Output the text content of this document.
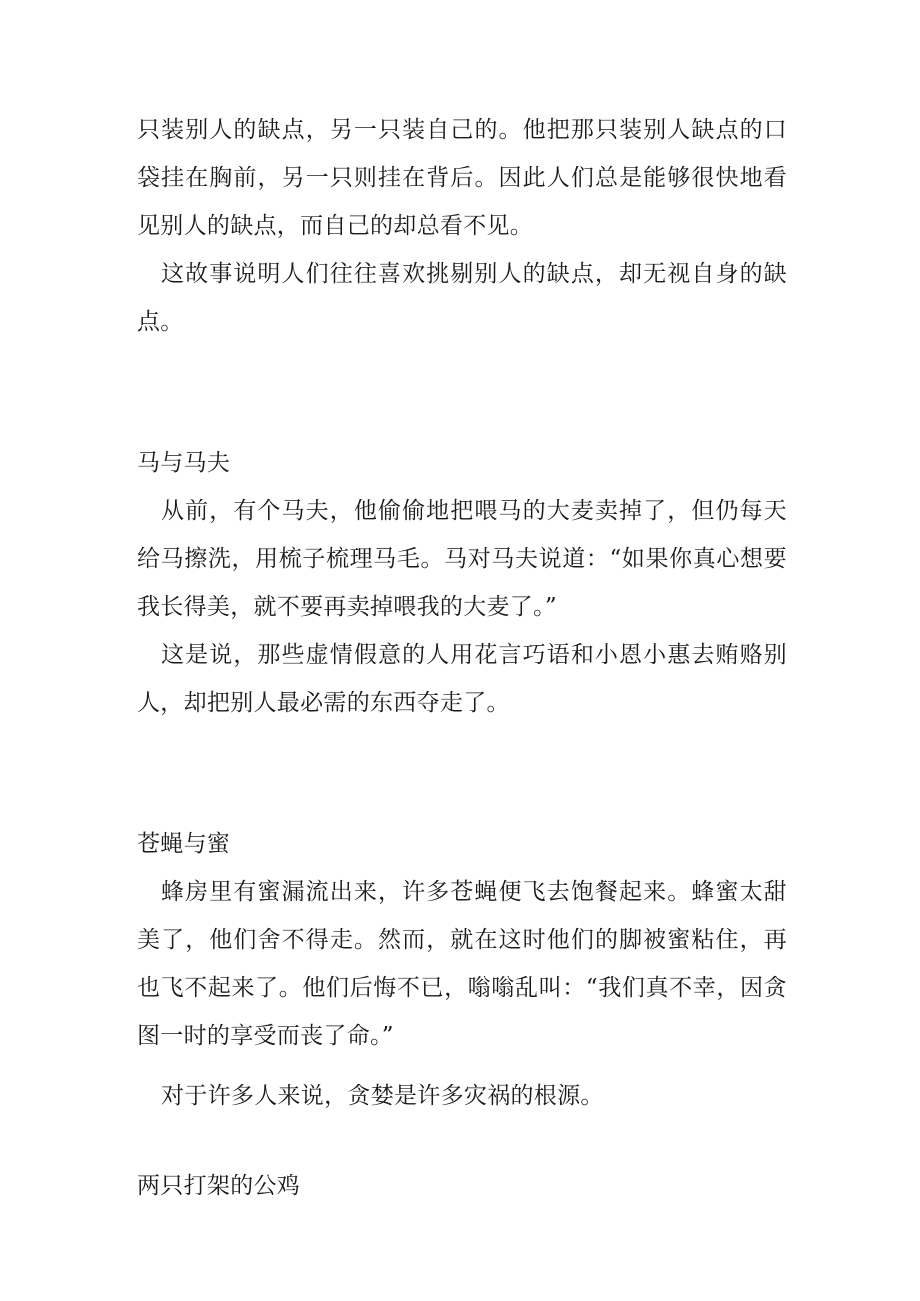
只装别人的缺点，另一只装自己的。他把那只装别人缺点的口袋挂在胸前，另一只则挂在背后。因此人们总是能够很快地看见别人的缺点，而自己的却总看不见。

这故事说明人们往往喜欢挑剔别人的缺点，却无视自身的缺点。

马与马夫

从前，有个马夫，他偷偷地把喂马的大麦卖掉了，但仍每天给马擦洗，用梳子梳理马毛。马对马夫说道：“如果你真心想要我长得美，就不要再卖掉喂我的大麦了。”

这是说，那些虚情假意的人用花言巧语和小恩小惠去贿赂别人，却把别人最必需的东西夺走了。

苍蝇与蜜

蜂房里有蜜漏流出来，许多苍蝇便飞去饱餐起来。蜂蜜太甜美了，他们舍不得走。然而，就在这时他们的脚被蜜粘住，再也飞不起来了。他们后悔不已，嗡嗡乱叫：“我们真不幸，因贪图一时的享受而丧了命。”

对于许多人来说，贪婪是许多灾祸的根源。

两只打架的公鸡
